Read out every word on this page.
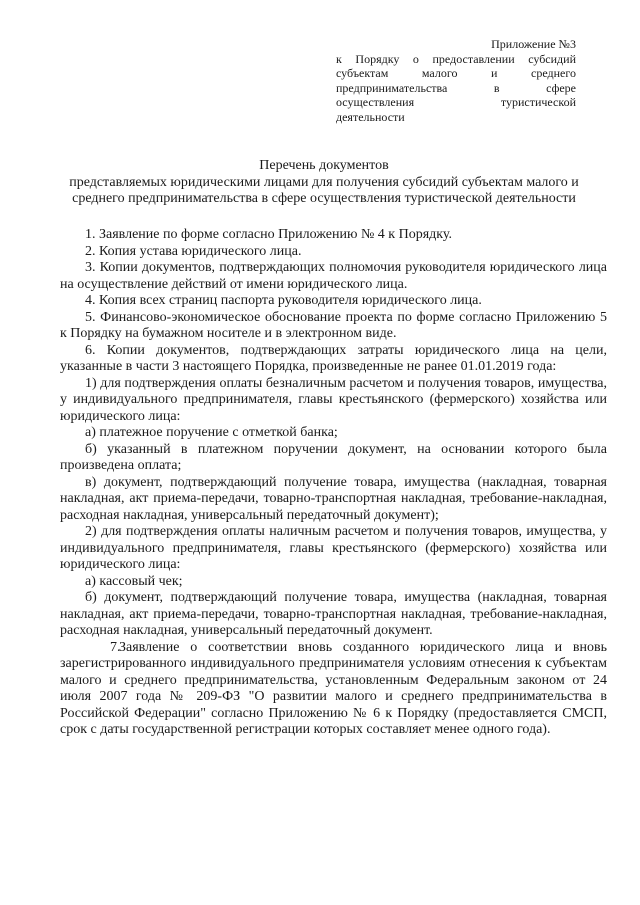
Приложение №3
к Порядку о предоставлении субсидий
субъектам малого и среднего
предпринимательства в сфере
осуществления туристической
деятельности
Перечень документов
представляемых юридическими лицами для получения субсидий субъектам малого и среднего предпринимательства в сфере осуществления туристической деятельности

1. Заявление по форме согласно Приложению № 4 к Порядку.

2. Копия устава юридического лица.

3. Копии документов, подтверждающих полномочия руководителя юридического лица на осуществление действий от имени юридического лица.

4. Копия всех страниц паспорта руководителя юридического лица.

5. Финансово-экономическое обоснование проекта по форме согласно Приложению 5 к Порядку на бумажном носителе и в электронном виде.

6. Копии документов, подтверждающих затраты юридического лица на цели, указанные в части 3 настоящего Порядка, произведенные не ранее 01.01.2019 года:

1) для подтверждения оплаты безналичным расчетом и получения товаров, имущества, у индивидуального предпринимателя, главы крестьянского (фермерского) хозяйства или юридического лица:

а) платежное поручение с отметкой банка;

б) указанный в платежном поручении документ, на основании которого была произведена оплата;

в) документ, подтверждающий получение товара, имущества (накладная, товарная накладная, акт приема-передачи, товарно-транспортная накладная, требование-накладная, расходная накладная, универсальный передаточный документ);

2) для подтверждения оплаты наличным расчетом и получения товаров, имущества, у индивидуального предпринимателя, главы крестьянского (фермерского) хозяйства или юридического лица:

а) кассовый чек;

б) документ, подтверждающий получение товара, имущества (накладная, товарная накладная, акт приема-передачи, товарно-транспортная накладная, требование-накладная, расходная накладная, универсальный передаточный документ.

7.Заявление о соответствии вновь созданного юридического лица и вновь зарегистрированного индивидуального предпринимателя условиям отнесения к субъектам малого и среднего предпринимательства, установленным Федеральным законом от 24 июля 2007 года № 209-ФЗ "О развитии малого и среднего предпринимательства в Российской Федерации" согласно Приложению № 6 к Порядку (предоставляется СМСП, срок с даты государственной регистрации которых составляет менее одного года).
